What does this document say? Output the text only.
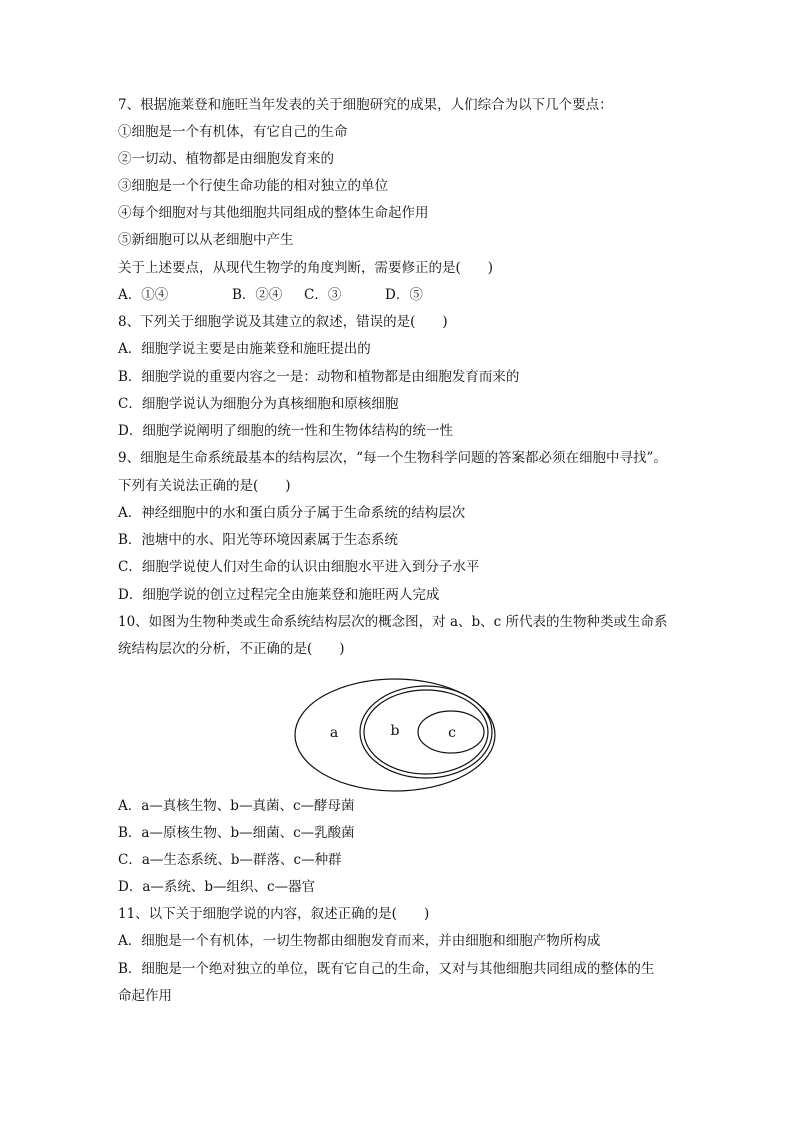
7、根据施莱登和施旺当年发表的关于细胞研究的成果，人们综合为以下几个要点：
①细胞是一个有机体，有它自己的生命
②一切动、植物都是由细胞发育来的
③细胞是一个行使生命功能的相对独立的单位
④每个细胞对与其他细胞共同组成的整体生命起作用
⑤新细胞可以从老细胞中产生
关于上述要点，从现代生物学的角度判断，需要修正的是(　　)
A．①④	B．②④ C．③	D．⑤
8、下列关于细胞学说及其建立的叙述，错误的是(　　)
A．细胞学说主要是由施莱登和施旺提出的
B．细胞学说的重要内容之一是：动物和植物都是由细胞发育而来的
C．细胞学说认为细胞分为真核细胞和原核细胞
D．细胞学说阐明了细胞的统一性和生物体结构的统一性
9、细胞是生命系统最基本的结构层次，“每一个生物科学问题的答案都必须在细胞中寻找”。
下列有关说法正确的是(　　)
A．神经细胞中的水和蛋白质分子属于生命系统的结构层次
B．池塘中的水、阳光等环境因素属于生态系统
C．细胞学说使人们对生命的认识由细胞水平进入到分子水平
D．细胞学说的创立过程完全由施莱登和施旺两人完成
10、如图为生物种类或生命系统结构层次的概念图，对 a、b、c 所代表的生物种类或生命系
统结构层次的分析，不正确的是(　　)
a	b	c
A．a—真核生物、b—真菌、c—酵母菌
B．a—原核生物、b—细菌、c—乳酸菌
C．a—生态系统、b—群落、c—种群
D．a—系统、b—组织、c—器官
11、以下关于细胞学说的内容，叙述正确的是(　　)
A．细胞是一个有机体，一切生物都由细胞发育而来，并由细胞和细胞产物所构成
B．细胞是一个绝对独立的单位，既有它自己的生命，又对与其他细胞共同组成的整体的生
命起作用
